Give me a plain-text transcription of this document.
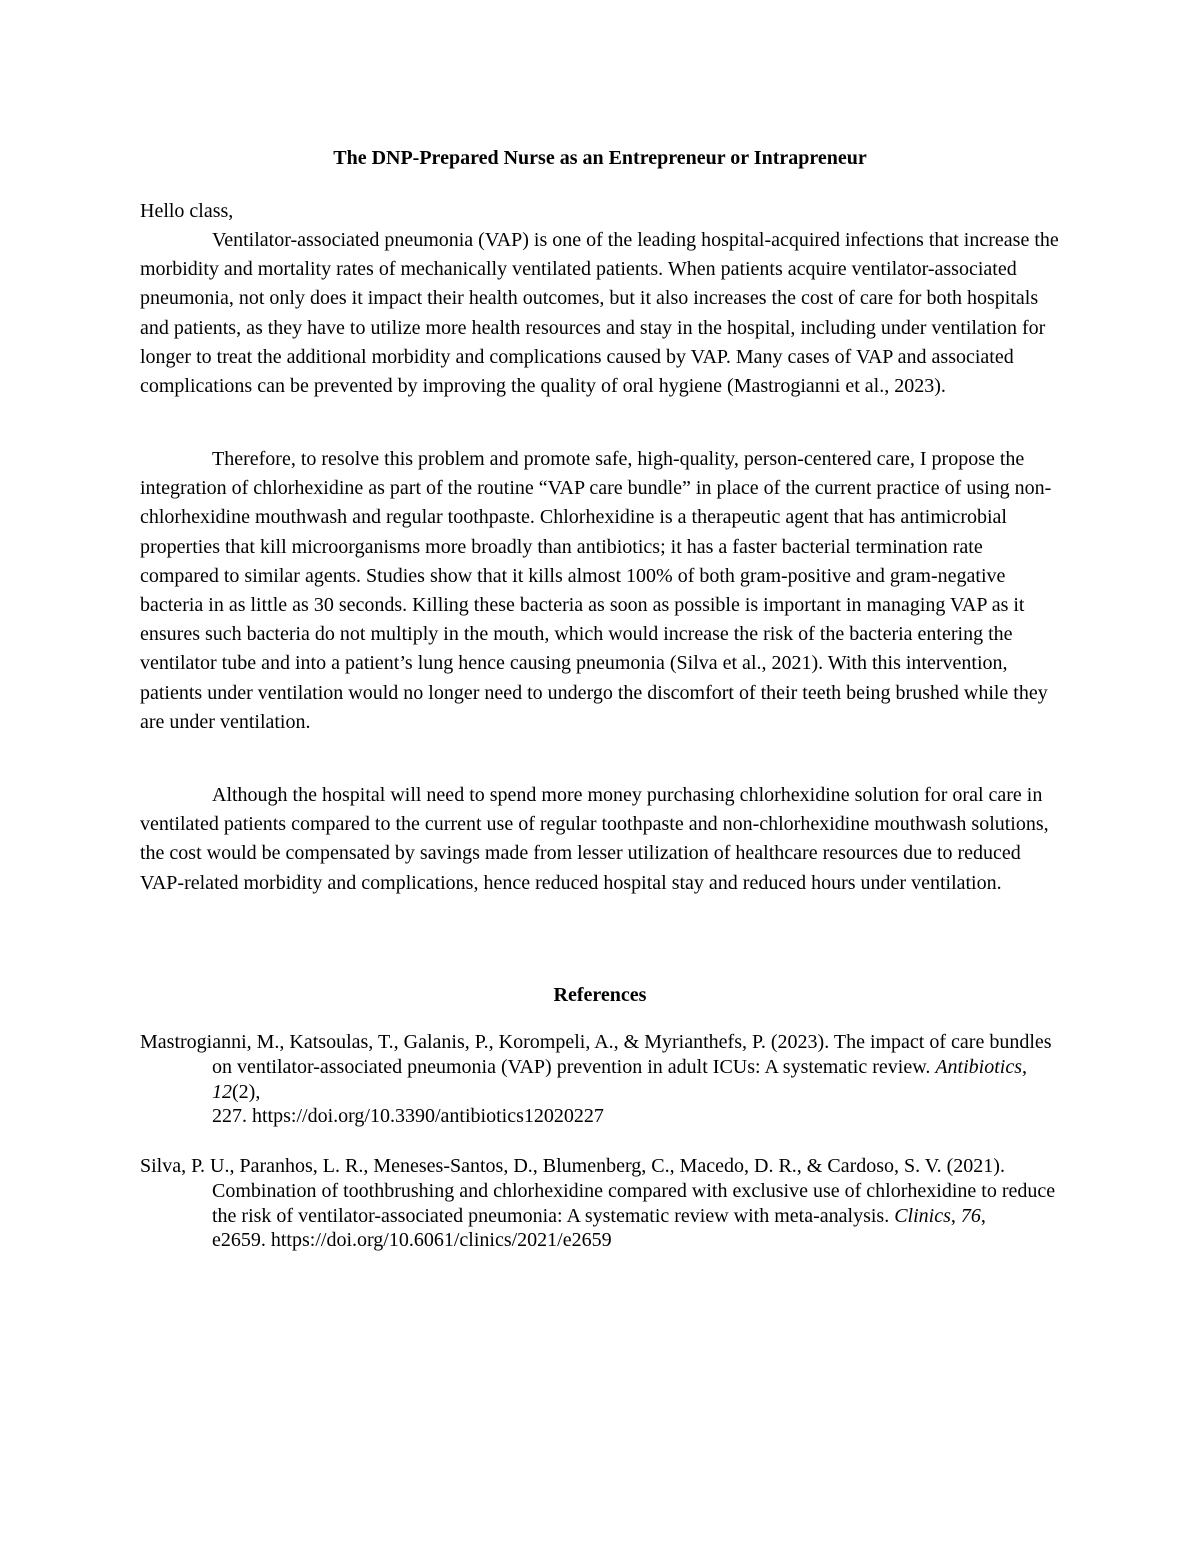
The DNP-Prepared Nurse as an Entrepreneur or Intrapreneur

Hello class,

Ventilator-associated pneumonia (VAP) is one of the leading hospital-acquired infections that increase the morbidity and mortality rates of mechanically ventilated patients. When patients acquire ventilator-associated pneumonia, not only does it impact their health outcomes, but it also increases the cost of care for both hospitals and patients, as they have to utilize more health resources and stay in the hospital, including under ventilation for longer to treat the additional morbidity and complications caused by VAP. Many cases of VAP and associated complications can be prevented by improving the quality of oral hygiene (Mastrogianni et al., 2023).

Therefore, to resolve this problem and promote safe, high-quality, person-centered care, I propose the integration of chlorhexidine as part of the routine “VAP care bundle” in place of the current practice of using non-chlorhexidine mouthwash and regular toothpaste. Chlorhexidine is a therapeutic agent that has antimicrobial properties that kill microorganisms more broadly than antibiotics; it has a faster bacterial termination rate compared to similar agents. Studies show that it kills almost 100% of both gram-positive and gram-negative bacteria in as little as 30 seconds. Killing these bacteria as soon as possible is important in managing VAP as it ensures such bacteria do not multiply in the mouth, which would increase the risk of the bacteria entering the ventilator tube and into a patient’s lung hence causing pneumonia (Silva et al., 2021). With this intervention, patients under ventilation would no longer need to undergo the discomfort of their teeth being brushed while they are under ventilation.

Although the hospital will need to spend more money purchasing chlorhexidine solution for oral care in ventilated patients compared to the current use of regular toothpaste and non-chlorhexidine mouthwash solutions, the cost would be compensated by savings made from lesser utilization of healthcare resources due to reduced VAP-related morbidity and complications, hence reduced hospital stay and reduced hours under ventilation.

References

Mastrogianni, M., Katsoulas, T., Galanis, P., Korompeli, A., & Myrianthefs, P. (2023). The impact of care bundles on ventilator-associated pneumonia (VAP) prevention in adult ICUs: A systematic review. Antibiotics, 12(2),
227. https://doi.org/10.3390/antibiotics12020227

Silva, P. U., Paranhos, L. R., Meneses-Santos, D., Blumenberg, C., Macedo, D. R., & Cardoso, S. V. (2021). Combination of toothbrushing and chlorhexidine compared with exclusive use of chlorhexidine to reduce the risk of ventilator-associated pneumonia: A systematic review with meta-analysis. Clinics, 76,
e2659. https://doi.org/10.6061/clinics/2021/e2659
